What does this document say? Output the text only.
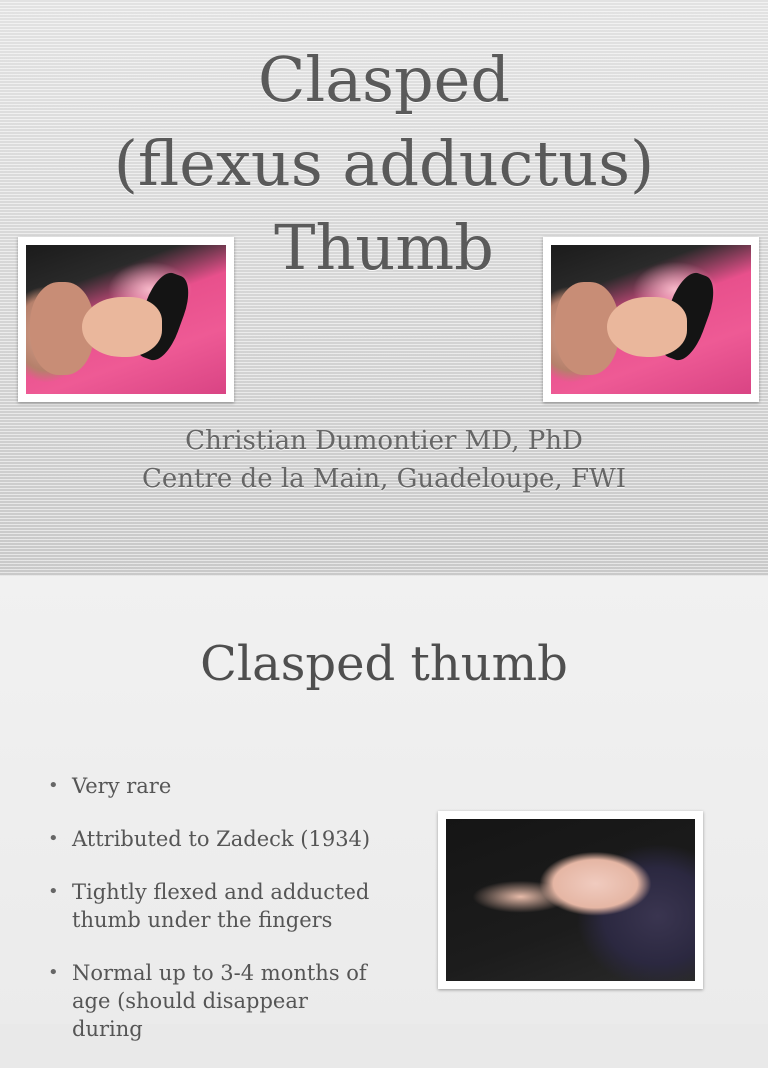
Clasped
(flexus adductus)
Thumb
Christian Dumontier MD, PhD
Centre de la Main, Guadeloupe, FWI
Clasped thumb
• Very rare
• Attributed to Zadeck (1934)
• Tightly flexed and adducted thumb under the fingers
• Normal up to 3-4 months of age (should disappear during
